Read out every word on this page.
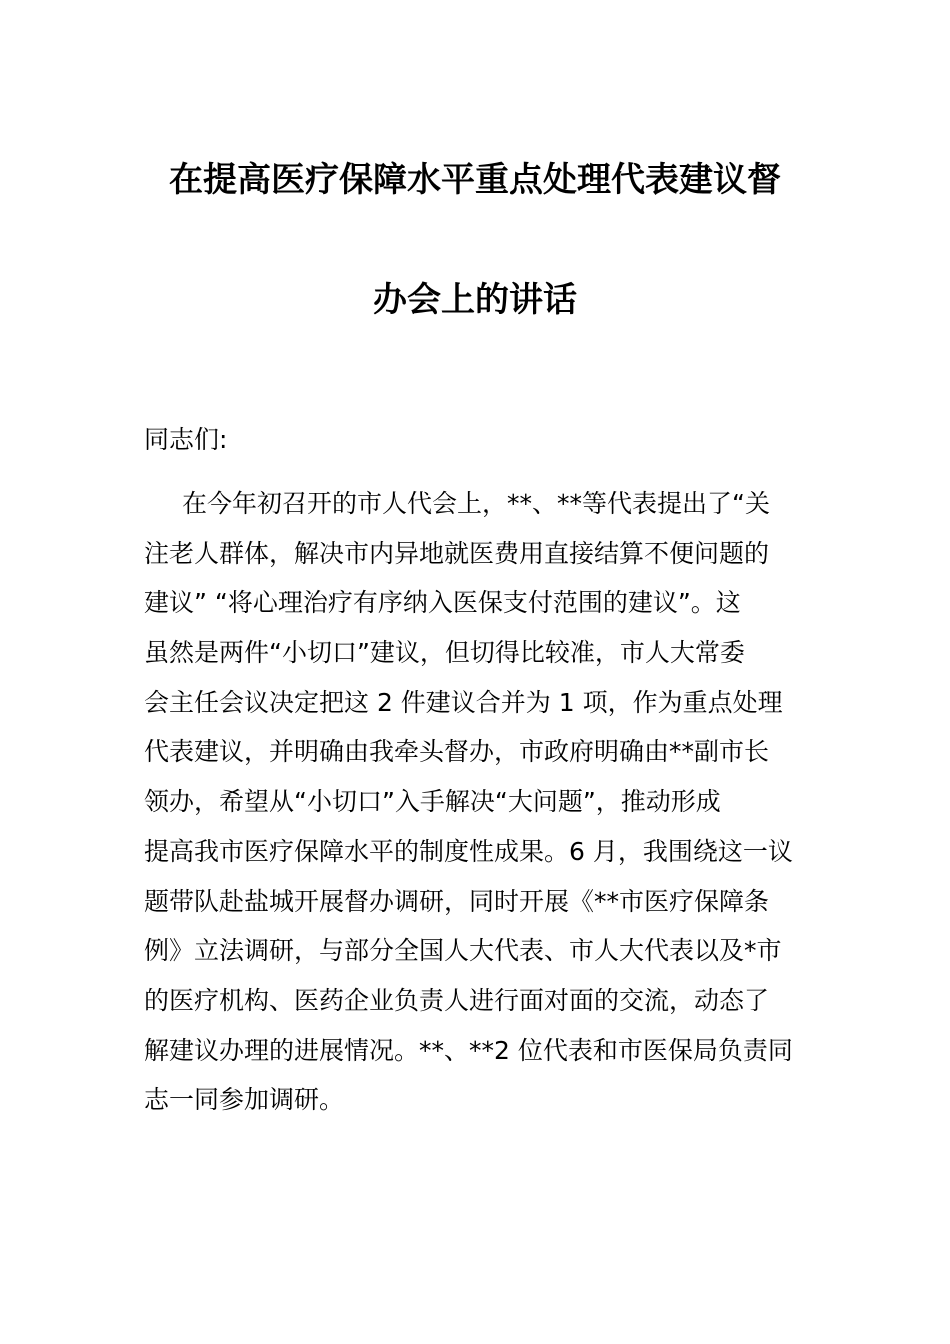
在提高医疗保障水平重点处理代表建议督
办会上的讲话
同志们:
在今年初召开的市人代会上，**、**等代表提出了“关
注老人群体，解决市内异地就医费用直接结算不便问题的
建议” “将心理治疗有序纳入医保支付范围的建议”。这
虽然是两件“小切口”建议，但切得比较准，市人大常委
会主任会议决定把这 2 件建议合并为 1 项，作为重点处理
代表建议，并明确由我牵头督办，市政府明确由**副市长
领办，希望从“小切口”入手解决“大问题”，推动形成
提高我市医疗保障水平的制度性成果。6 月，我围绕这一议
题带队赴盐城开展督办调研，同时开展《**市医疗保障条
例》立法调研，与部分全国人大代表、市人大代表以及*市
的医疗机构、医药企业负责人进行面对面的交流，动态了
解建议办理的进展情况。**、**2 位代表和市医保局负责同
志一同参加调研。
